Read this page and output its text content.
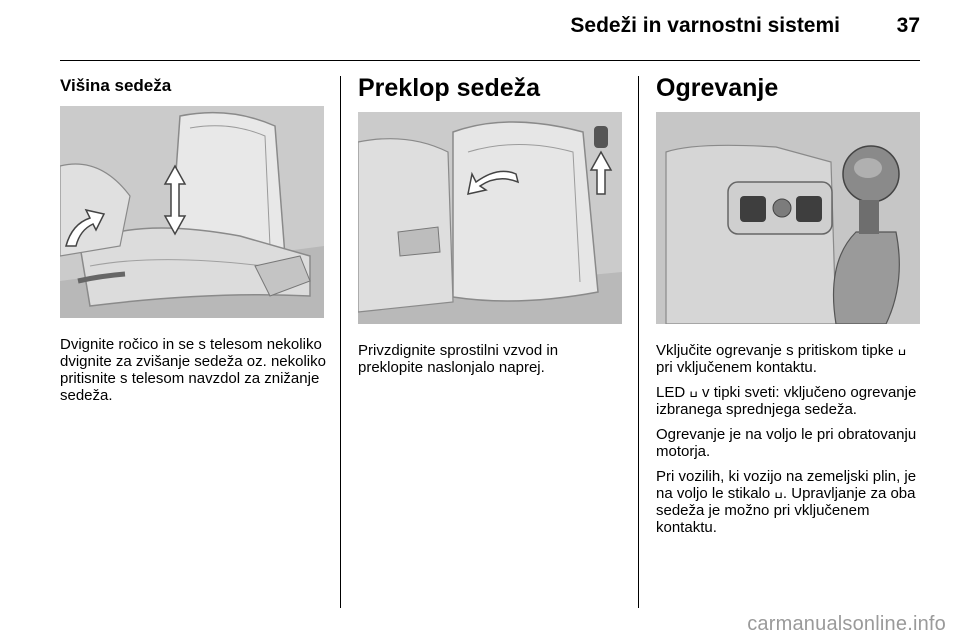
Sedeži in varnostni sistemi	37
Višina sedeža

Dvignite ročico in se s telesom nekoliko dvignite za zvišanje sedeža oz. nekoliko pritisnite s telesom navzdol za znižanje sedeža.

Preklop sedeža

Privzdignite sprostilni vzvod in preklopite naslonjalo naprej.

Ogrevanje

Vključite ogrevanje s pritiskom tipke ߎ pri vključenem kontaktu.

LED ߎ v tipki sveti: vključeno ogrevanje izbranega sprednjega sedeža.

Ogrevanje je na voljo le pri obratovanju motorja.

Pri vozilih, ki vozijo na zemeljski plin, je na voljo le stikalo ߎ. Upravljanje za oba sedeža je možno pri vključenem kontaktu.

carmanualsonline.info
